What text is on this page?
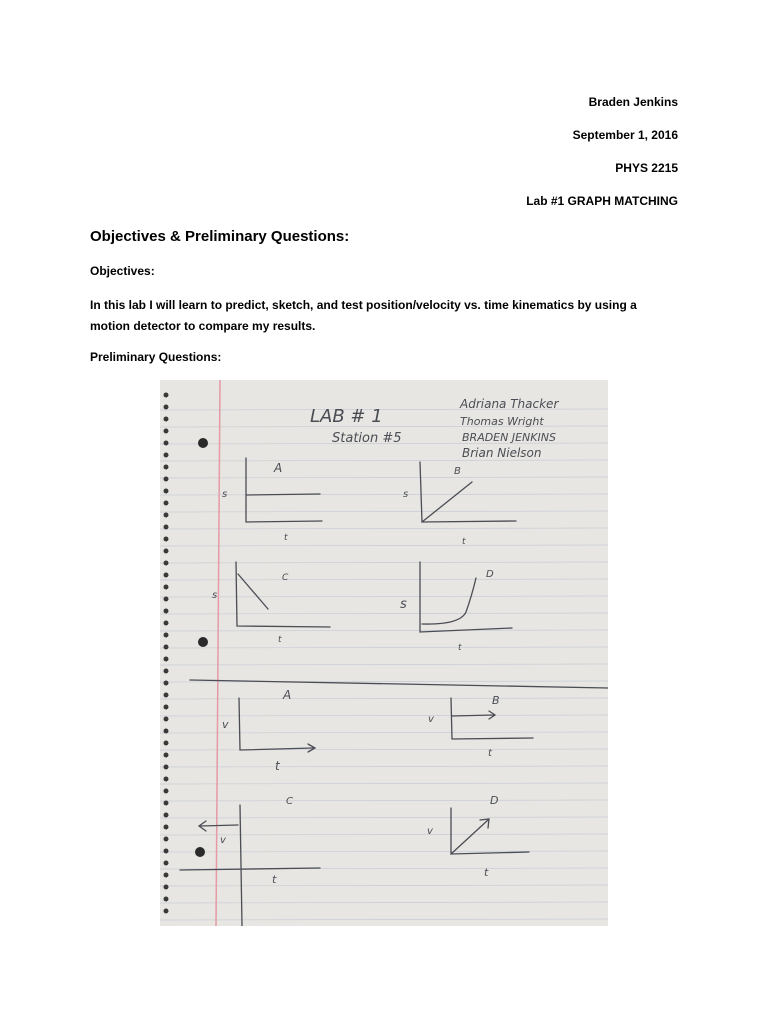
Braden Jenkins
September 1, 2016
PHYS 2215
Lab #1 GRAPH MATCHING
Objectives & Preliminary Questions:
Objectives:

In this lab I will learn to predict, sketch, and test position/velocity vs. time kinematics by using a motion detector to compare my results.

Preliminary Questions:
LAB # 1
Station #5
Adriana Thacker
Thomas Wright
BRADEN JENKINS
Brian Nielson
A	B
C	D
A	B
C	D
s	s
s
s
t	t
t
t
v	v
v
v
t
t
t
t
